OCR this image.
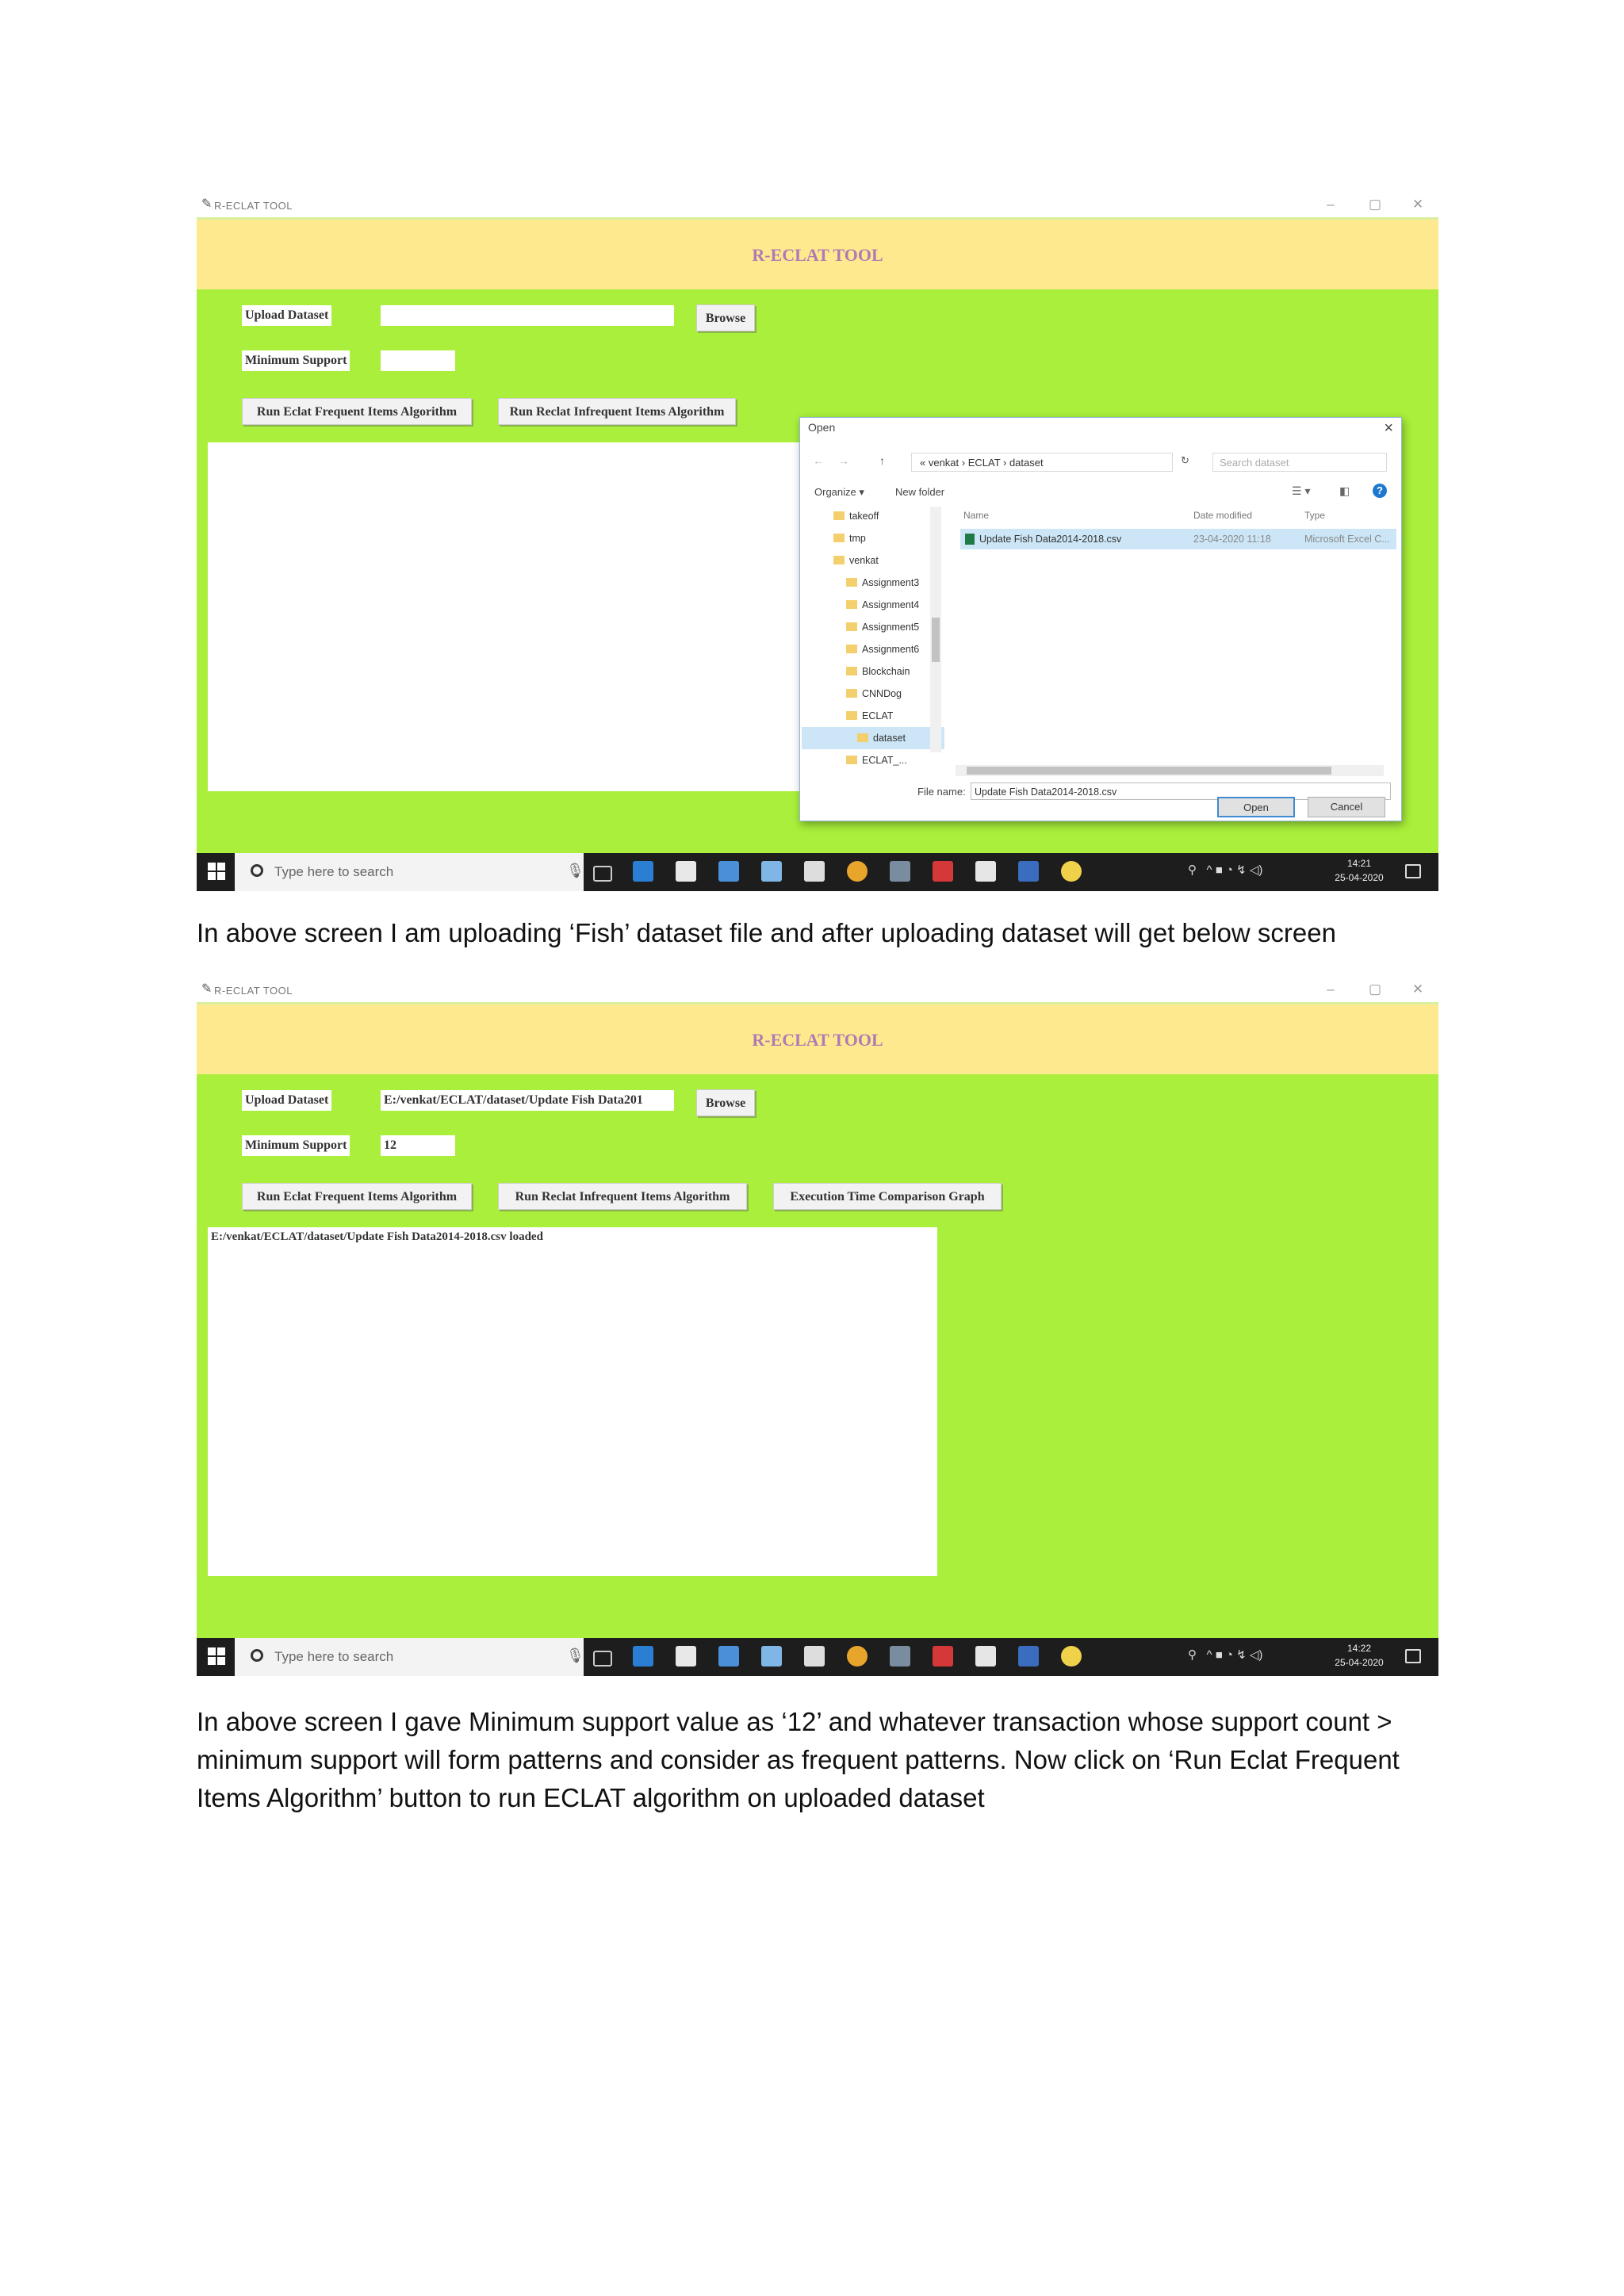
✎ R-ECLAT TOOL	–	▢ ✕
R-ECLAT TOOL
Upload Dataset	Browse
Minimum Support
Run Eclat Frequent Items Algorithm	Run Reclat Infrequent Items Algorithm
Open	×
← →	↑	« venkat › ECLAT › dataset	↻	Search dataset
Organize ▾	New folder	☰ ▾	◧	?
takeoff
tmp
venkat
Assignment3
Assignment4
Assignment5
Assignment6
Blockchain
CNNDog
ECLAT
dataset
ECLAT_...
Name	Date modified	Type
Update Fish Data2014-2018.csv	23-04-2020 11:18	Microsoft Excel C...
File name: Update Fish Data2014-2018.csv
Open	Cancel
Type here to search	🎙	⚲   ^ ■ ◔ ↯ ◁)	14:21
25-04-2020
In above screen I am uploading ‘Fish’ dataset file and after uploading dataset will get below screen
✎ R-ECLAT TOOL	–	▢ ✕
R-ECLAT TOOL
Upload Dataset	E:/venkat/ECLAT/dataset/Update Fish Data201	Browse
Minimum Support	12
Run Eclat Frequent Items Algorithm	Run Reclat Infrequent Items Algorithm	Execution Time Comparison Graph
E:/venkat/ECLAT/dataset/Update Fish Data2014-2018.csv loaded
Type here to search	🎙	⚲   ^ ■ ◔ ↯ ◁)	14:22
25-04-2020
In above screen I gave Minimum support value as ‘12’ and whatever transaction whose support count > minimum support will form patterns and consider as frequent patterns. Now click on ‘Run Eclat Frequent Items Algorithm’ button to run ECLAT algorithm on uploaded dataset
